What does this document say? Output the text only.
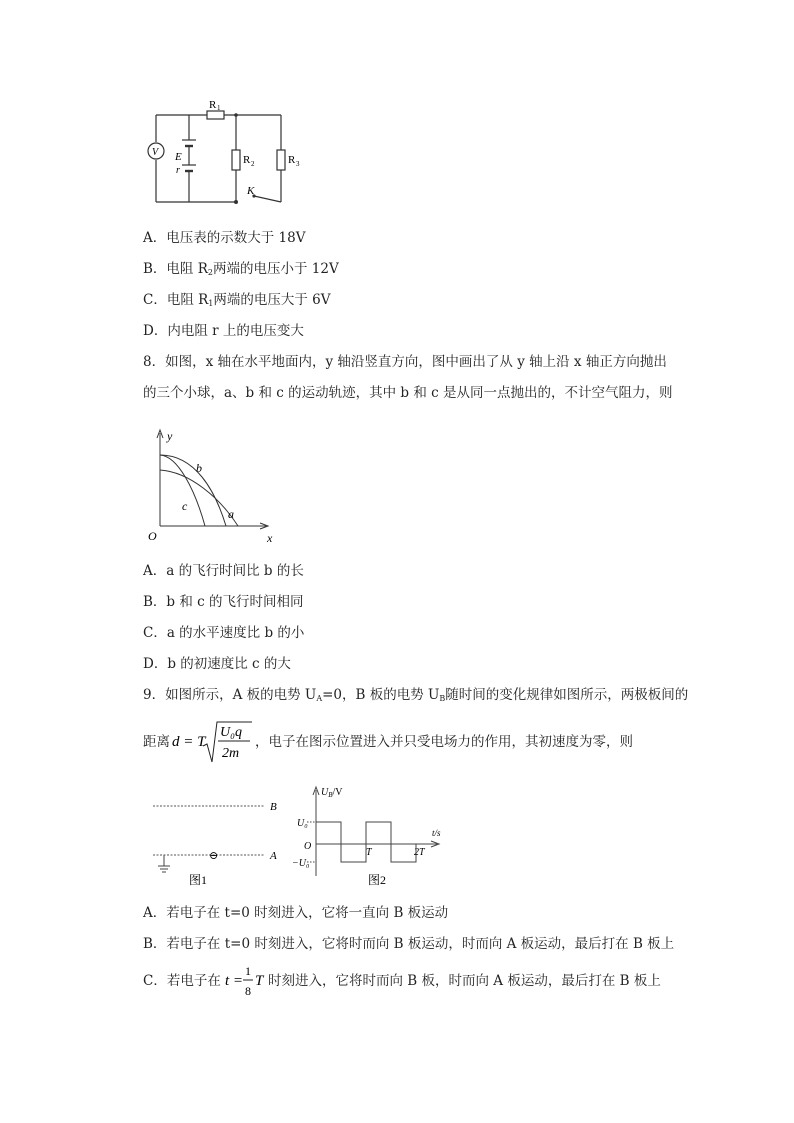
R 1
R 2	R 3
V E
r
K
A．电压表的示数大于 18V
B．电阻 $R_2$两端的电压小于 12V
C．电阻 $R_1$两端的电压大于 6V
D．内电阻 r 上的电压变大
8．如图，x 轴在水平地面内，y 轴沿竖直方向，图中画出了从 y 轴上沿 x 轴正方向抛出
的三个小球，a、b 和 c 的运动轨迹，其中 b 和 c 是从同一点抛出的，不计空气阻力，则
y
x
O
a
b
c
A．a 的飞行时间比 b 的长
B．b 和 c 的飞行时间相同
C．a 的水平速度比 b 的小
D．b 的初速度比 c 的大
9．如图所示，A 板的电势 $U_A=0$，B 板的电势 $U_B$随时间的变化规律如图所示，两极板间的
距离 d = T
U₀q
2m
，电子在图示位置进入并只受电场力的作用，其初速度为零，则
⊖
B
A
图1
$U_B/V$
U₀
−U₀
O
T	2T
t/s
图2
A．若电子在 t=0 时刻进入，它将一直向 B 板运动
B．若电子在 t=0 时刻进入，它将时而向 B 板运动，时而向 A 板运动，最后打在 B 板上
C．若电子在 t =
1
8
T 时刻进入，它将时而向 B 板，时而向 A 板运动，最后打在 B 板上
